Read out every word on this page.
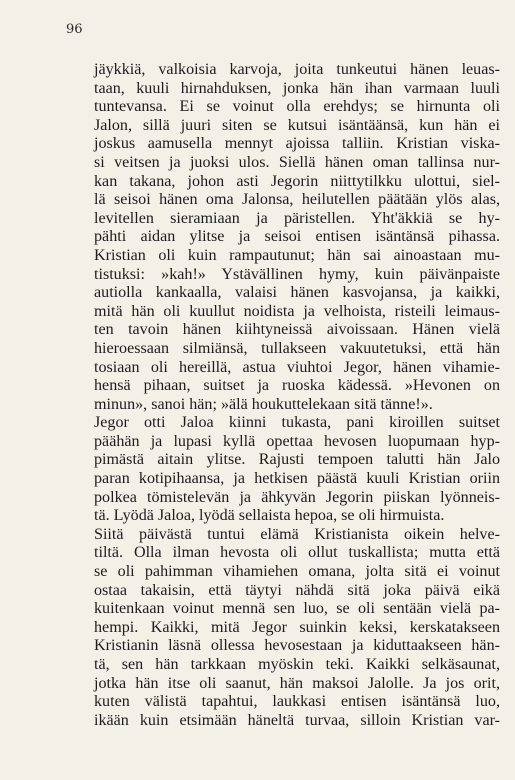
96
jäykkiä, valkoisia karvoja, joita tunkeutui hänen leuas-
taan, kuuli hirnahduksen, jonka hän ihan varmaan luuli
tuntevansa. Ei se voinut olla erehdys; se hirnunta oli
Jalon, sillä juuri siten se kutsui isäntäänsä, kun hän ei
joskus aamusella mennyt ajoissa talliin. Kristian viska-
si veitsen ja juoksi ulos. Siellä hänen oman tallinsa nur-
kan takana, johon asti Jegorin niittytilkku ulottui, siel-
lä seisoi hänen oma Jalonsa, heilutellen päätään ylös alas,
levitellen sieramiaan ja päristellen. Yht'äkkiä se hy-
pähti aidan ylitse ja seisoi entisen isäntänsä pihassa.
Kristian oli kuin rampautunut; hän sai ainoastaan mu-
tistuksi: »kah!» Ystävällinen hymy, kuin päivänpaiste
autiolla kankaalla, valaisi hänen kasvojansa, ja kaikki,
mitä hän oli kuullut noidista ja velhoista, risteili leimaus-
ten tavoin hänen kiihtyneissä aivoissaan. Hänen vielä
hieroessaan silmiänsä, tullakseen vakuutetuksi, että hän
tosiaan oli hereillä, astua viuhtoi Jegor, hänen vihamie-
hensä pihaan, suitset ja ruoska kädessä. »Hevonen on
minun», sanoi hän; »älä houkuttelekaan sitä tänne!».
Jegor otti Jaloa kiinni tukasta, pani kiroillen suitset
päähän ja lupasi kyllä opettaa hevosen luopumaan hyp-
pimästä aitain ylitse. Rajusti tempoen talutti hän Jalo
paran kotipihaansa, ja hetkisen päästä kuuli Kristian oriin
polkea tömistelevän ja ähkyvän Jegorin piiskan lyönneis-
tä. Lyödä Jaloa, lyödä sellaista hepoa, se oli hirmuista.
Siitä päivästä tuntui elämä Kristianista oikein helve-
tiltä. Olla ilman hevosta oli ollut tuskallista; mutta että
se oli pahimman vihamiehen omana, jolta sitä ei voinut
ostaa takaisin, että täytyi nähdä sitä joka päivä eikä
kuitenkaan voinut mennä sen luo, se oli sentään vielä pa-
hempi. Kaikki, mitä Jegor suinkin keksi, kerskatakseen
Kristianin läsnä ollessa hevosestaan ja kiduttaakseen hän-
tä, sen hän tarkkaan myöskin teki. Kaikki selkäsaunat,
jotka hän itse oli saanut, hän maksoi Jalolle. Ja jos orit,
kuten välistä tapahtui, laukkasi entisen isäntänsä luo,
ikään kuin etsimään häneltä turvaa, silloin Kristian var-
